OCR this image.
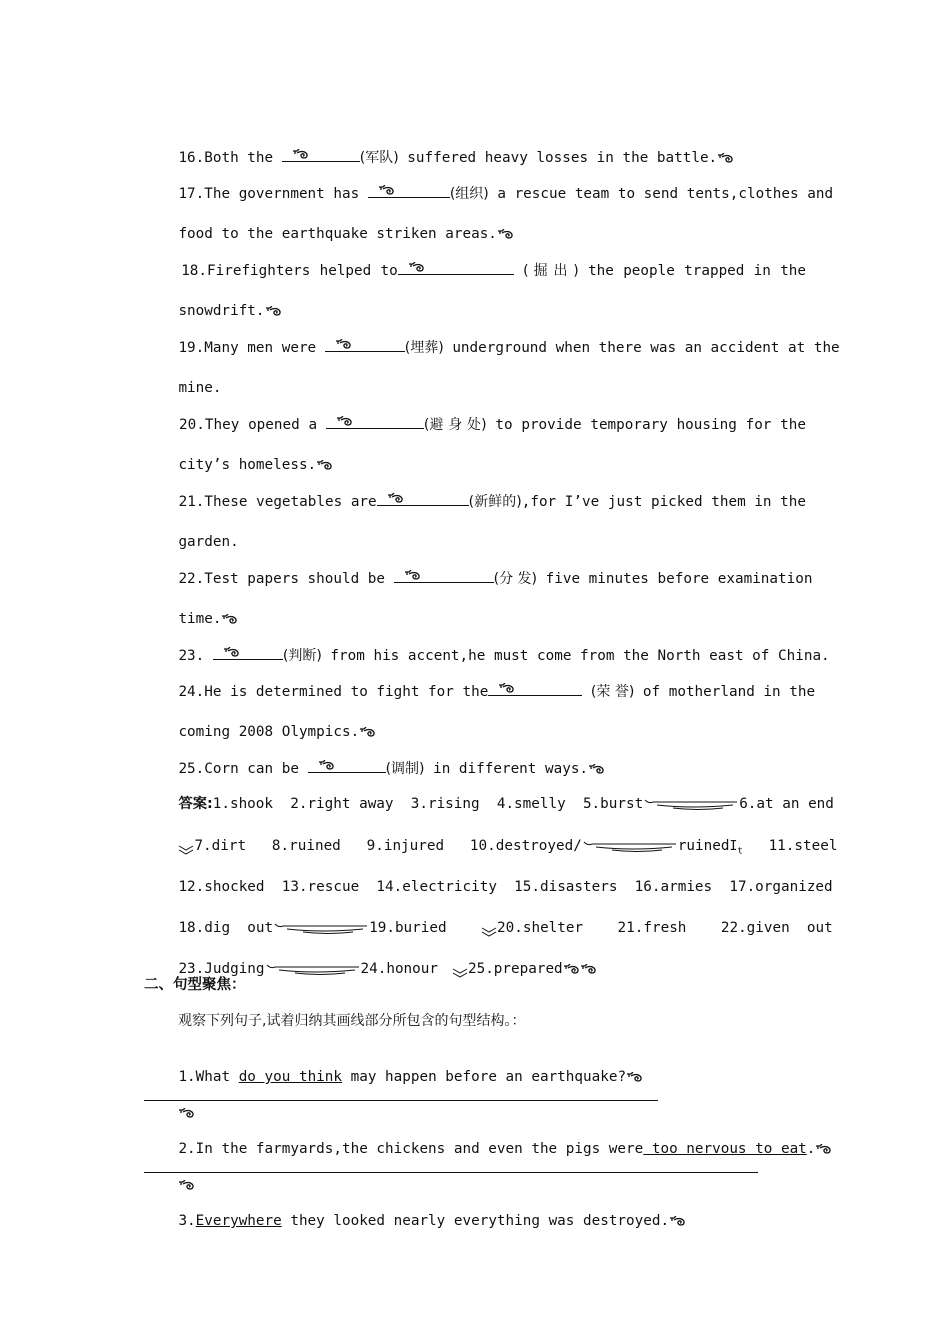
16.Both the	(军队) suffered heavy losses in the battle.

17.The government has	(组织) a rescue team to send tents,clothes and

food to the earthquake striken areas.

18.Firefighters helped to	( 掘 出 ) the people trapped in the

snowdrift.

19.Many men were	(埋葬) underground when there was an accident at the

mine.

20.They opened a	(避 身 处) to provide temporary housing for the

city’s homeless.

21.These vegetables are	(新鲜的),for I’ve just picked them in the

garden.

22.Test papers should be	(分 发) five minutes before examination

time.

23.	(判断) from his accent,he must come from the North east of China.

24.He is determined to fight for the	(荣 誉) of motherland in the

coming 2008 Olympics.

25.Corn can be	(调制) in different ways.

答案:1.shook 2.right away 3.rising 4.smelly 5.burst	6.at an end

7.dirt 8.ruined 9.injured 10.destroyed/	ruinedI$_t$ 11.steel

12.shocked 13.rescue 14.electricity 15.disasters 16.armies 17.organized

18.dig  out	19.buried	20.shelter 21.fresh 22.given  out

23.Judging	24.honour 25.prepared

二、句型聚焦：
观察下列句子,试着归纳其画线部分所包含的句型结构。：

1.What do you think may happen before an earthquake?

2.In the farmyards,the chickens and even the pigs were too nervous to eat.

3.Everywhere they looked nearly everything was destroyed.
